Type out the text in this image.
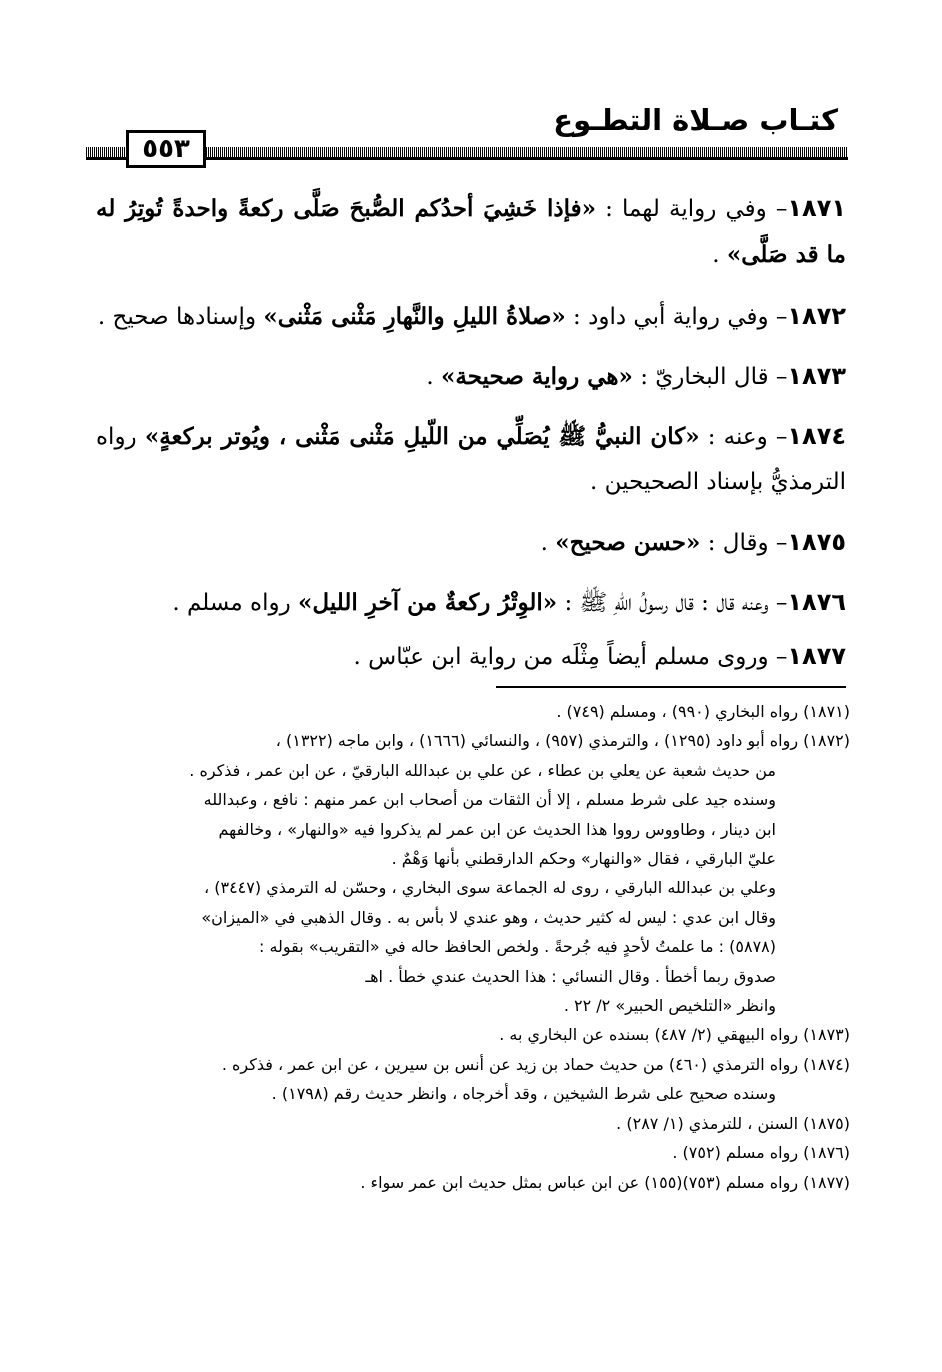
كتـاب صـلاة التطـوع
٥٥٣

١٨٧١– وفي رواية لهما : «فإذا خَشِيَ أحدُكم الصُّبحَ صَلَّى ركعةً واحدةً تُوتِرُ له ما قد صَلَّى» .

١٨٧٢– وفي رواية أبي داود : «صلاةُ الليلِ والنَّهارِ مَثْنى مَثْنى» وإسنادها صحيح .

١٨٧٣– قال البخاريّ : «هي رواية صحيحة» .

١٨٧٤– وعنه : «كان النبيُّ ﷺ يُصَلِّي من اللّيلِ مَثْنى مَثْنى ، ويُوتر بركعةٍ» رواه الترمذيُّ بإسناد الصحيحين .

١٨٧٥– وقال : «حسن صحيح» .

١٨٧٦– وعنه قال : قال رسولُ اللهِ ﷺ : «الوِتْرُ ركعةٌ من آخرِ الليل» رواه مسلم .

١٨٧٧– وروى مسلم أيضاً مِثْلَه من رواية ابن عبّاس .

(١٨٧١) رواه البخاري (٩٩٠) ، ومسلم (٧٤٩) .
(١٨٧٢) رواه أبو داود (١٢٩٥) ، والترمذي (٩٥٧) ، والنسائي (١٦٦٦) ، وابن ماجه (١٣٢٢) ،
من حديث شعبة عن يعلي بن عطاء ، عن علي بن عبدالله البارقيّ ، عن ابن عمر ، فذكره .
وسنده جيد على شرط مسلم ، إلا أن الثقات من أصحاب ابن عمر منهم : نافع ، وعبدالله
ابن دينار ، وطاووس رووا هذا الحديث عن ابن عمر لم يذكروا فيه «والنهار» ، وخالفهم
عليّ البارقي ، فقال «والنهار» وحكم الدارقطني بأنها وَهْمٌ .
وعلي بن عبدالله البارقي ، روى له الجماعة سوى البخاري ، وحسّن له الترمذي (٣٤٤٧) ،
وقال ابن عدي : ليس له كثير حديث ، وهو عندي لا بأس به . وقال الذهبي في «الميزان»
(٥٨٧٨) : ما علمتُ لأحدٍ فيه جُرحةً . ولخص الحافظ حاله في «التقريب» بقوله :
صدوق ربما أخطأ . وقال النسائي : هذا الحديث عندي خطأ . اهـ
وانظر «التلخيص الحبير» ٢/ ٢٢ .
(١٨٧٣) رواه البيهقي (٢/ ٤٨٧) بسنده عن البخاري به .
(١٨٧٤) رواه الترمذي (٤٦٠) من حديث حماد بن زيد عن أنس بن سيرين ، عن ابن عمر ، فذكره .
وسنده صحيح على شرط الشيخين ، وقد أخرجاه ، وانظر حديث رقم (١٧٩٨) .
(١٨٧٥) السنن ، للترمذي (١/ ٢٨٧) .
(١٨٧٦) رواه مسلم (٧٥٢) .
(١٨٧٧) رواه مسلم (٧٥٣)(١٥٥) عن ابن عباس بمثل حديث ابن عمر سواء .
